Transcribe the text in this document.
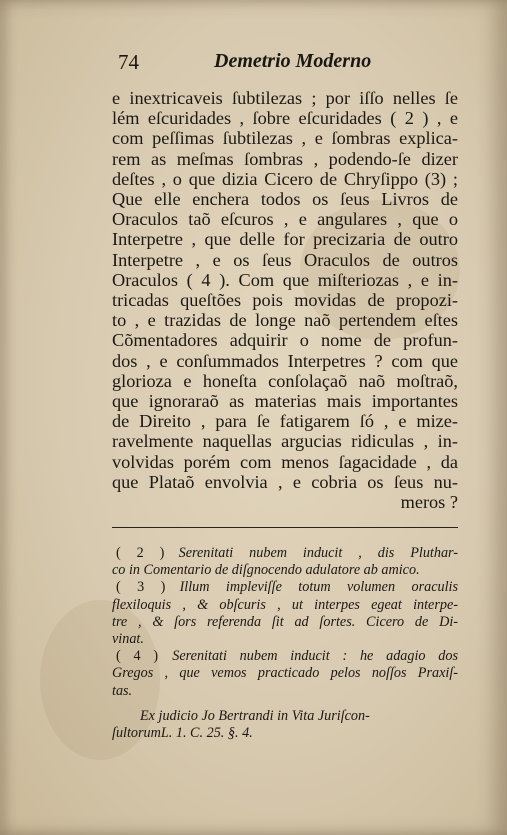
74	Demetrio Moderno
e inextricaveis ſubtilezas ; por iſſo nelles ſe
lém eſcuridades , ſobre eſcuridades ( 2 ) , e
com peſſimas ſubtilezas , e ſombras explica-
rem as meſmas ſombras , podendo-ſe dizer
deſtes , o que dizia Cicero de Chryſippo (3) ;
Que elle enchera todos os ſeus Livros de
Oraculos taõ eſcuros , e angulares , que o
Interpetre , que delle for precizaria de outro
Interpetre , e os ſeus Oraculos de outros
Oraculos ( 4 ). Com que miſteriozas , e in-
tricadas queſtões pois movidas de propozi-
to , e trazidas de longe naõ pertendem eſtes
Cõmentadores adquirir o nome de profun-
dos , e conſummados Interpetres ? com que
glorioza e honeſta conſolaçaõ naõ moſtraõ,
que ignoraraõ as materias mais importantes
de Direito , para ſe fatigarem ſó , e mize-
ravelmente naquellas argucias ridiculas , in-
volvidas porém com menos ſagacidade , da
que Plataõ envolvia , e cobria os ſeus nu-
meros ?
( 2 )  Serenitati nubem inducit , dis Pluthar-
co in Comentario de diſgnocendo adulatore ab amico.
( 3 )  Illum impleviſſe totum volumen oraculis
flexiloquis , & obſcuris , ut interpes egeat interpe-
tre , & ſors referenda ſit ad ſortes. Cicero de Di-
vinat.
( 4 )  Serenitati nubem inducit : he adagio dos
Gregos , que vemos practicado pelos noſſos Praxiſ-
tas.
Ex judicio Jo Bertrandi in Vita Juriſcon-
ſultorumL. 1. C. 25. §. 4.
